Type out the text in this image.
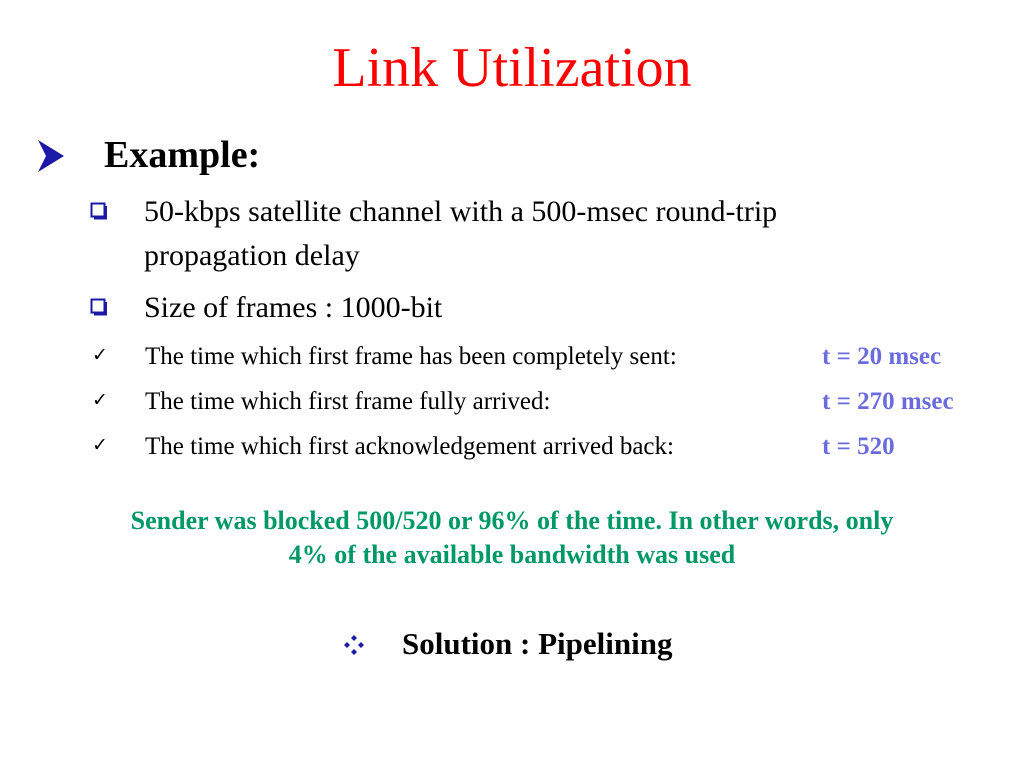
Link Utilization
Example:
50-kbps satellite channel with a 500-msec round-trip
propagation delay
Size of frames : 1000-bit
✓ The time which first frame has been completely sent:	t = 20 msec
✓ The time which first frame fully arrived:	t = 270 msec
✓ The time which first acknowledgement arrived back:	t = 520
Sender was blocked 500/520 or 96% of the time. In other words, only
4% of the available bandwidth was used
Solution : Pipelining
